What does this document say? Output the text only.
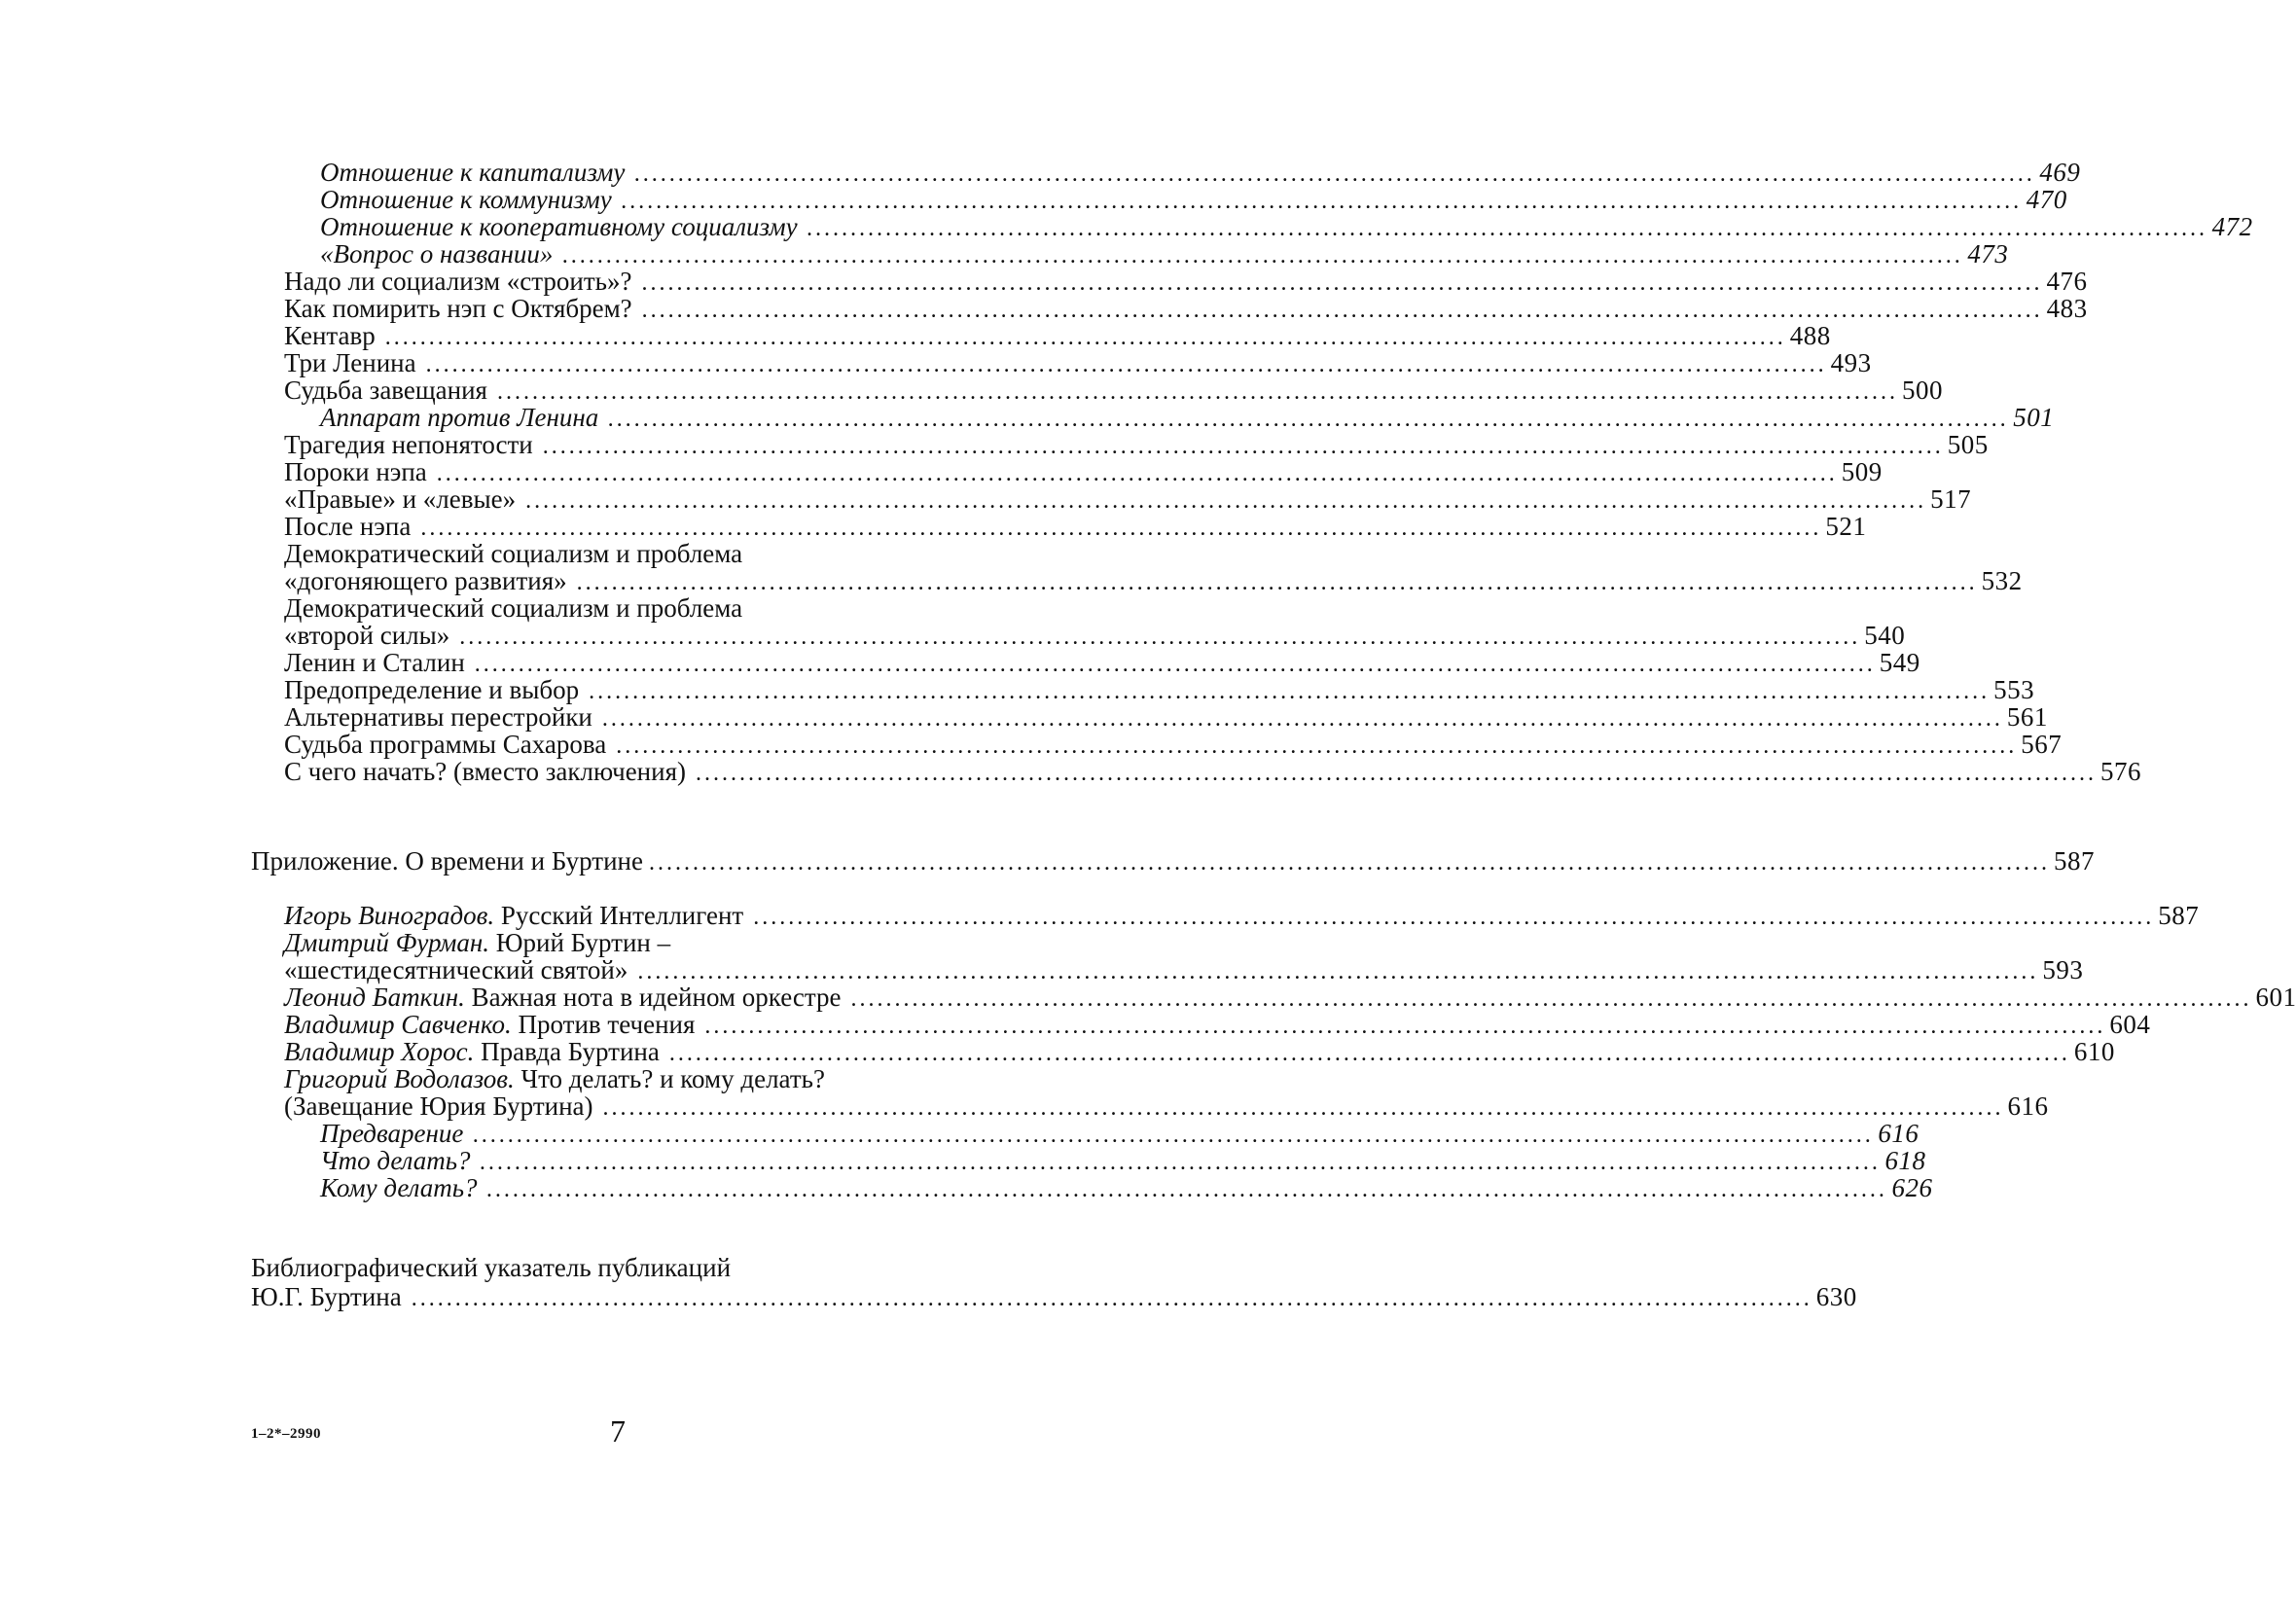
Отношение к капитализму ................................................................................................................................................................ 469
Отношение к коммунизму ................................................................................................................................................................ 470
Отношение к кооперативному социализму ................................................................................................................................................................ 472
«Вопрос о названии» ................................................................................................................................................................ 473
Надо ли социализм «строить»? ................................................................................................................................................................ 476
Как помирить нэп с Октябрем? ................................................................................................................................................................ 483
Кентавр ................................................................................................................................................................ 488
Три Ленина ................................................................................................................................................................ 493
Судьба завещания ................................................................................................................................................................ 500
Аппарат против Ленина ................................................................................................................................................................ 501
Трагедия непонятости ................................................................................................................................................................ 505
Пороки нэпа ................................................................................................................................................................ 509
«Правые» и «левые» ................................................................................................................................................................ 517
После нэпа ................................................................................................................................................................ 521
Демократический социализм и проблема
«догоняющего развития» ................................................................................................................................................................ 532
Демократический социализм и проблема
«второй силы» ................................................................................................................................................................ 540
Ленин и Сталин ................................................................................................................................................................ 549
Предопределение и выбор ................................................................................................................................................................ 553
Альтернативы перестройки ................................................................................................................................................................ 561
Судьба программы Сахарова ................................................................................................................................................................ 567
С чего начать? (вместо заключения) ................................................................................................................................................................ 576
Приложение. О времени и Буртине ................................................................................................................................................................ 587
Игорь Виноградов. Русский Интеллигент ................................................................................................................................................................ 587
Дмитрий Фурман. Юрий Буртин –
«шестидесятнический святой» ................................................................................................................................................................ 593
Леонид Баткин. Важная нота в идейном оркестре ................................................................................................................................................................ 601
Владимир Савченко. Против течения ................................................................................................................................................................ 604
Владимир Хорос. Правда Буртина ................................................................................................................................................................ 610
Григорий Водолазов. Что делать? и кому делать?
(Завещание Юрия Буртина) ................................................................................................................................................................ 616
Предварение ................................................................................................................................................................ 616
Что делать? ................................................................................................................................................................ 618
Кому делать? ................................................................................................................................................................ 626
Библиографический указатель публикаций
Ю.Г. Буртина ................................................................................................................................................................ 630
1–2*–2990	7
